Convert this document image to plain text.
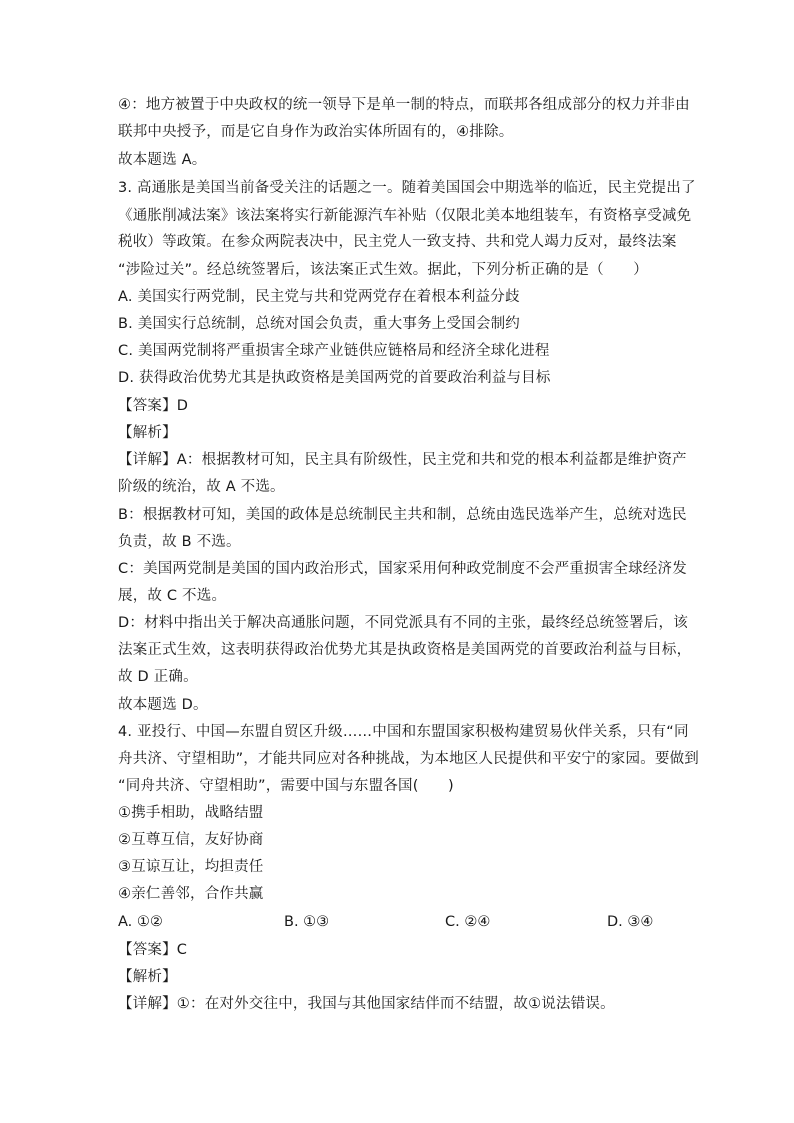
④：地方被置于中央政权的统一领导下是单一制的特点，而联邦各组成部分的权力并非由
联邦中央授予，而是它自身作为政治实体所固有的，④排除。
故本题选 A。
3. 高通胀是美国当前备受关注的话题之一。随着美国国会中期选举的临近，民主党提出了
《通胀削减法案》该法案将实行新能源汽车补贴（仅限北美本地组装车，有资格享受减免
税收）等政策。在参众两院表决中，民主党人一致支持、共和党人竭力反对，最终法案
“涉险过关”。经总统签署后，该法案正式生效。据此，下列分析正确的是（　　）
A. 美国实行两党制，民主党与共和党两党存在着根本利益分歧
B. 美国实行总统制，总统对国会负责，重大事务上受国会制约
C. 美国两党制将严重损害全球产业链供应链格局和经济全球化进程
D. 获得政治优势尤其是执政资格是美国两党的首要政治利益与目标
【答案】D
【解析】
【详解】A：根据教材可知，民主具有阶级性，民主党和共和党的根本利益都是维护资产
阶级的统治，故 A 不选。
B：根据教材可知，美国的政体是总统制民主共和制，总统由选民选举产生，总统对选民
负责，故 B 不选。
C：美国两党制是美国的国内政治形式，国家采用何种政党制度不会严重损害全球经济发
展，故 C 不选。
D：材料中指出关于解决高通胀问题，不同党派具有不同的主张，最终经总统签署后，该
法案正式生效，这表明获得政治优势尤其是执政资格是美国两党的首要政治利益与目标，
故 D 正确。
故本题选 D。
4. 亚投行、中国—东盟自贸区升级……中国和东盟国家积极构建贸易伙伴关系，只有“同
舟共济、守望相助”，才能共同应对各种挑战，为本地区人民提供和平安宁的家园。要做到
“同舟共济、守望相助”，需要中国与东盟各国(　　)
①携手相助，战略结盟
②互尊互信，友好协商
③互谅互让，均担责任
④亲仁善邻，合作共赢
A. ①②	B. ①③	C. ②④	D. ③④
【答案】C
【解析】
【详解】①：在对外交往中，我国与其他国家结伴而不结盟，故①说法错误。
